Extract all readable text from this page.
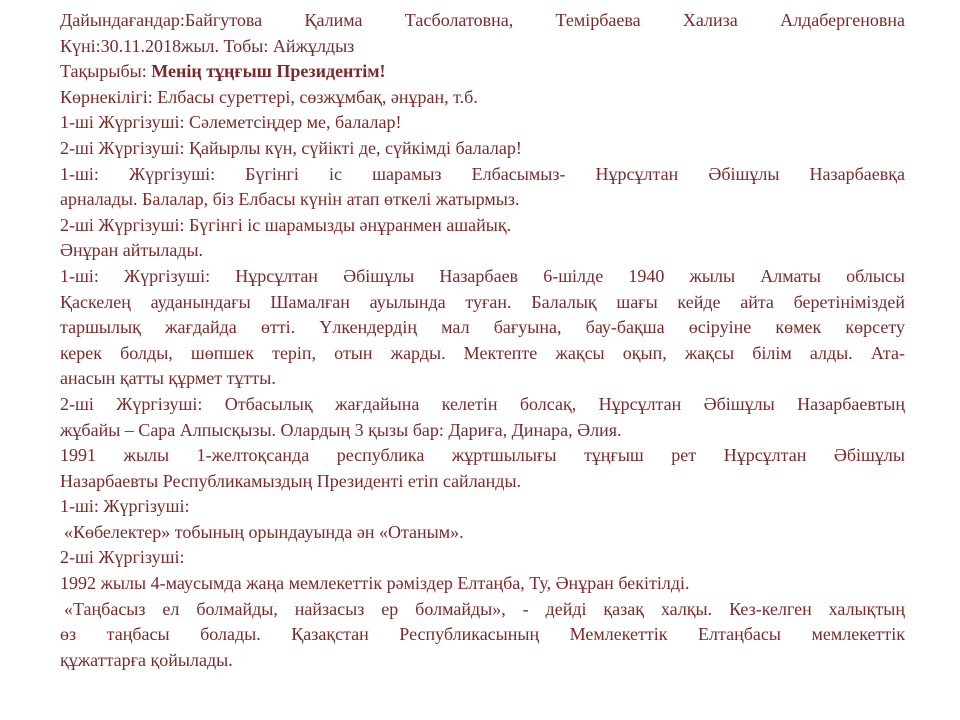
Дайындағандар:Байгутова Қалима Тасболатовна, Темірбаева Хализа Алдабергеновна
Күні:30.11.2018жыл. Тобы: Айжұлдыз
Тақырыбы: Менің тұңғыш Президентім!
Көрнекілігі: Елбасы суреттері, сөзжұмбақ, әнұран, т.б.
1-ші Жүргізуші: Сәлеметсіңдер ме, балалар!
2-ші Жүргізуші: Қайырлы күн, сүйікті де, сүйкімді балалар!
1-ші: Жүргізуші: Бүгінгі іс шарамыз Елбасымыз- Нұрсұлтан Әбішұлы Назарбаевқа
арналады. Балалар, біз Елбасы күнін атап өткелі жатырмыз.
2-ші Жүргізуші: Бүгінгі іс шарамызды әнұранмен ашайық.
Әнұран айтылады.
1-ші: Жүргізуші: Нұрсұлтан Әбішұлы Назарбаев 6-шілде 1940 жылы Алматы облысы
Қаскелең ауданындағы Шамалған ауылында туған. Балалық шағы кейде айта беретініміздей
таршылық жағдайда өтті. Үлкендердің мал бағуына, бау-бақша өсіруіне көмек көрсету
керек болды, шөпшек теріп, отын жарды. Мектепте жақсы оқып, жақсы білім алды. Ата-
анасын қатты құрмет тұтты.
2-ші Жүргізуші: Отбасылық жағдайына келетін болсақ, Нұрсұлтан Әбішұлы Назарбаевтың
жұбайы – Сара Алпысқызы. Олардың 3 қызы бар: Дариға, Динара, Әлия.
1991 жылы 1-желтоқсанда республика жұртшылығы тұңғыш рет Нұрсұлтан Әбішұлы
Назарбаевты Республикамыздың Президенті етіп сайланды.
1-ші: Жүргізуші:
«Көбелектер» тобының орындауында ән «Отаным».
2-ші Жүргізуші:
1992 жылы 4-маусымда жаңа мемлекеттік рәміздер Елтаңба, Ту, Әнұран бекітілді.
«Таңбасыз ел болмайды, найзасыз ер болмайды», - дейді қазақ халқы. Кез-келген халықтың
өз таңбасы болады. Қазақстан Республикасының Мемлекеттік Елтаңбасы мемлекеттік
құжаттарға қойылады.
